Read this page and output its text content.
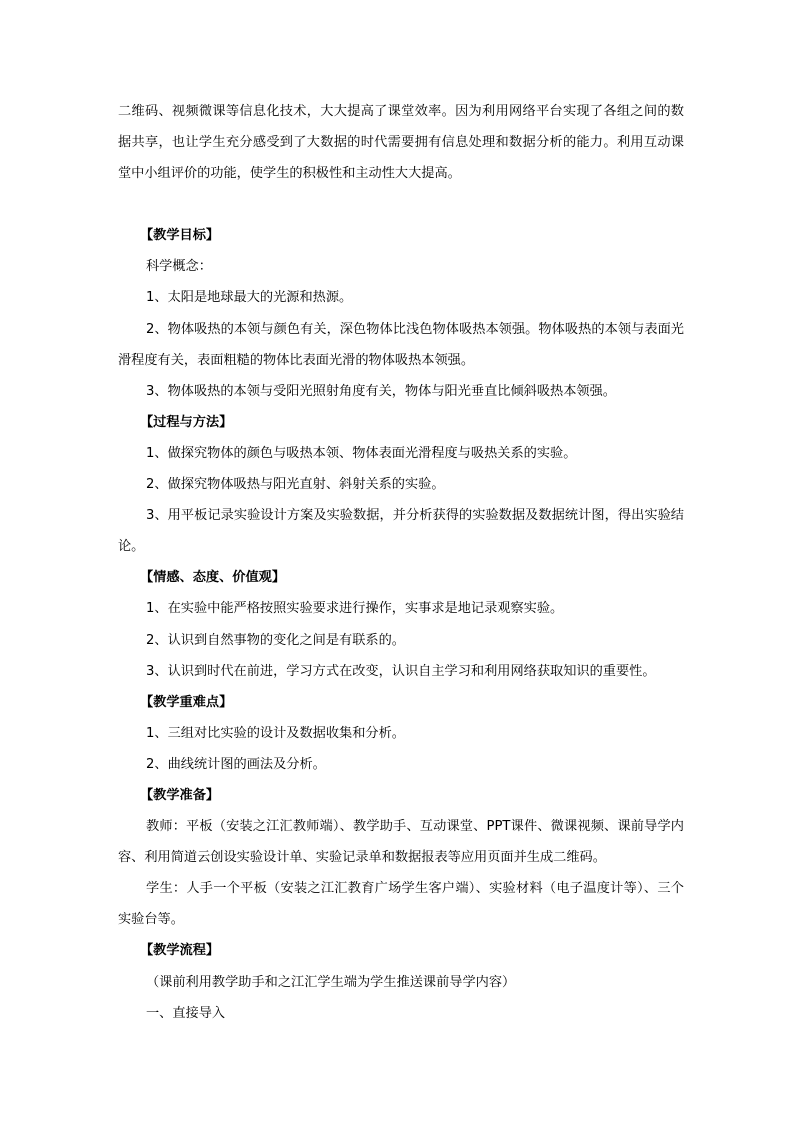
二维码、视频微课等信息化技术，大大提高了课堂效率。因为利用网络平台实现了各组之间的数据共享，也让学生充分感受到了大数据的时代需要拥有信息处理和数据分析的能力。利用互动课堂中小组评价的功能，使学生的积极性和主动性大大提高。

【教学目标】

科学概念：

1、太阳是地球最大的光源和热源。

2、物体吸热的本领与颜色有关，深色物体比浅色物体吸热本领强。物体吸热的本领与表面光滑程度有关，表面粗糙的物体比表面光滑的物体吸热本领强。

3、物体吸热的本领与受阳光照射角度有关，物体与阳光垂直比倾斜吸热本领强。

【过程与方法】

1、做探究物体的颜色与吸热本领、物体表面光滑程度与吸热关系的实验。

2、做探究物体吸热与阳光直射、斜射关系的实验。

3、用平板记录实验设计方案及实验数据，并分析获得的实验数据及数据统计图，得出实验结论。

【情感、态度、价值观】

1、在实验中能严格按照实验要求进行操作，实事求是地记录观察实验。

2、认识到自然事物的变化之间是有联系的。

3、认识到时代在前进，学习方式在改变，认识自主学习和利用网络获取知识的重要性。

【教学重难点】

1、三组对比实验的设计及数据收集和分析。

2、曲线统计图的画法及分析。

【教学准备】

教师：平板（安装之江汇教师端）、教学助手、互动课堂、PPT课件、微课视频、课前导学内容、利用简道云创设实验设计单、实验记录单和数据报表等应用页面并生成二维码。

学生：人手一个平板（安装之江汇教育广场学生客户端）、实验材料（电子温度计等）、三个实验台等。

【教学流程】

（课前利用教学助手和之江汇学生端为学生推送课前导学内容）

一、直接导入
